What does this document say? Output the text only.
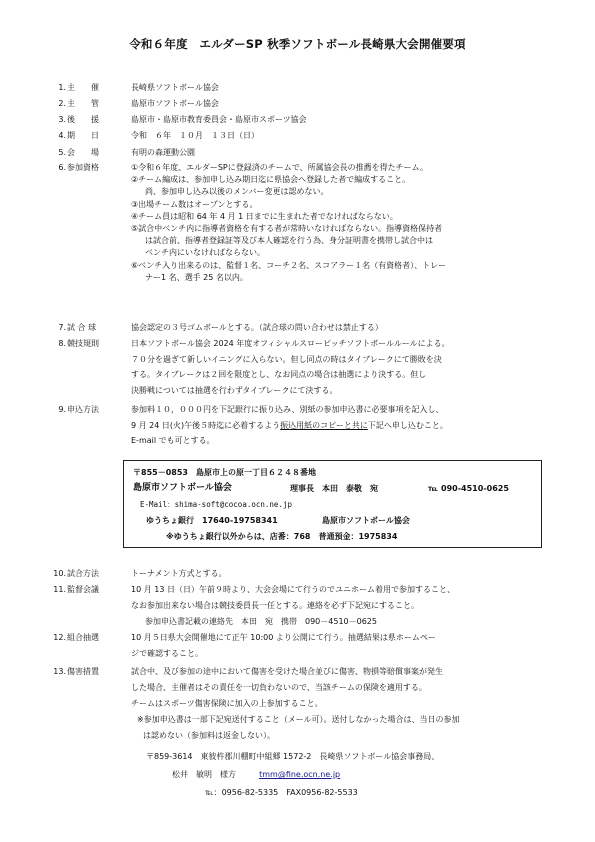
令和６年度　エルダーSP 秋季ソフトボール長崎県大会開催要項
1. 主　　催	長崎県ソフトボール協会
2. 主　　管	島原市ソフトボール協会
3. 後　　援	島原市・島原市教育委員会・島原市スポーツ協会
4. 期　　日	令和　６年　１０月　１３日（日）
5. 会　　場	有明の森運動公園
6. 参加資格	①令和６年度、エルダーSPに登録済のチームで、所属協会長の推薦を得たチーム。
②チーム編成は、参加申し込み期日迄に県協会へ登録した者で編成すること。
尚、参加申し込み以後のメンバー変更は認めない。
③出場チーム数はオープンとする。
④チーム員は昭和 64 年 4 月 1 日までに生まれた者でなければならない。
⑤試合中ベンチ内に指導者資格を有する者が常時いなければならない。指導資格保持者
は試合前、指導者登録証等及び本人確認を行う為、身分証明書を携帯し試合中は
ベンチ内にいなければならない。
⑥ベンチ入り出来るのは、監督１名、コーチ２名、スコアラー１名（有資格者）、トレー
ナー1 名、選手 25 名以内。
7. 試 合 球	協会認定の３号ゴムボールとする。（試合球の問い合わせは禁止する）
8. 競技規則	日本ソフトボール協会 2024 年度オフィシャルスローピッチソフトボールルールによる。
７０分を過ぎて新しいイニングに入らない。但し同点の時はタイブレークにて勝敗を決
する。タイブレークは２回を限度とし、なお同点の場合は抽選により決する。但し
決勝戦については抽選を行わずタイブレークにて決する。
9. 申込方法	参加料１０，０００円を下記銀行に振り込み、別紙の参加申込書に必要事項を記入し、
9 月 24 日(火)午後５時迄に必着するよう振込用紙のコピーと共に下記へ申し込むこと。
E-mail でも可とする。
〒855－0853　島原市上の原一丁目６２４８番地
島原市ソフトボール協会	理事長　本田　泰敬　宛	℡ 090-4510-0625
E-Mail：shima-soft@cocoa.ocn.ne.jp
ゆうちょ銀行　17640-19758341	島原市ソフトボール協会
※ゆうちょ銀行以外からは、店番：768　普通預金：1975834
10. 試合方法	トーナメント方式とする。
11. 監督会議	10 月 13 日（日）午前９時より、大会会場にて行うのでユニホーム着用で参加すること、
なお参加出来ない場合は競技委員長一任とする。連絡を必ず下記宛にすること。
参加申込書記載の連絡先　本田　宛　携帯　090－4510－0625
12. 組合抽選	10 月５日県大会開催地にて正午 10:00 より公開にて行う。抽選結果は県ホームペー
ジで確認すること。
13. 傷害措置	試合中、及び参加の途中において傷害を受けた場合並びに傷害、物損等賠償事案が発生
した場合、主催者はその責任を一切負わないので、当該チームの保険を適用する。
チームはスポーツ傷害保険に加入の上参加すること。
※参加申込書は一部下記宛送付すること（メール可）。送付しなかった場合は、当日の参加
は認めない（参加料は返金しない）。
〒859-3614　東彼杵郡川棚町中組郷 1572-2　長崎県ソフトボール協会事務局、
松井　敏明　様方	tmm@fine.ocn.ne.jp
℡：0956-82-5335　FAX0956-82-5533
